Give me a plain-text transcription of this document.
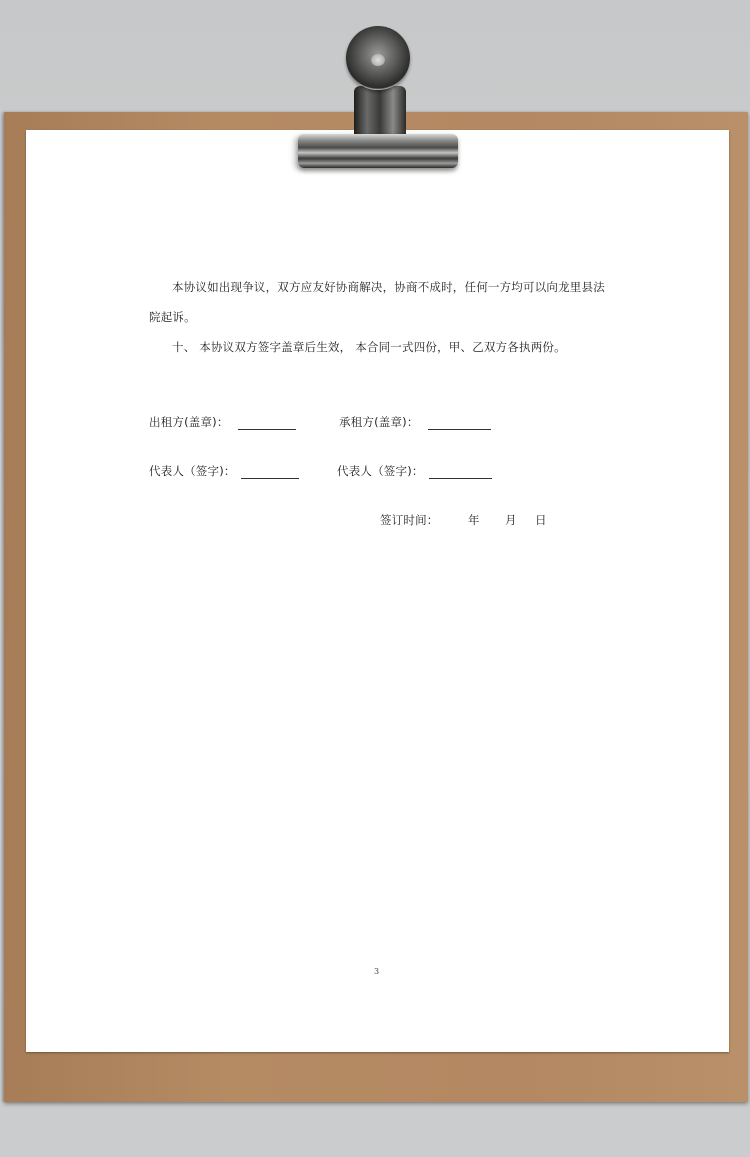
本协议如出现争议，双方应友好协商解决，协商不成时，任何一方均可以向龙里县法
院起诉。
十、 本协议双方签字盖章后生效， 本合同一式四份，甲、乙双方各执两份。
出租方(盖章)：	承租方(盖章)：
代表人（签字)：	代表人（签字)：
签订时间：	年 月 日
3
